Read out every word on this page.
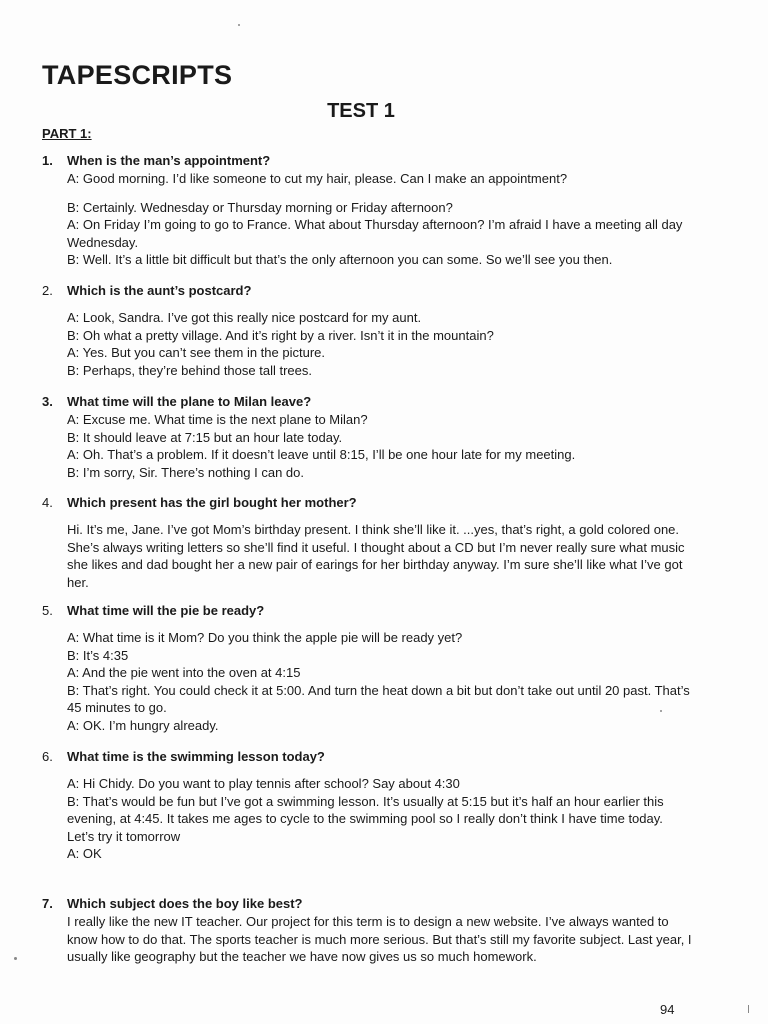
TAPESCRIPTS
TEST 1
PART 1:
1.	When is the man’s appointment?

A: Good morning. I’d like someone to cut my hair, please. Can I make an appointment?

B: Certainly. Wednesday or Thursday morning or Friday afternoon?

A: On Friday I’m going to go to France. What about Thursday afternoon? I’m afraid I have a meeting all day Wednesday.

B: Well. It’s a little bit difficult but that’s the only afternoon you can some. So we’ll see you then.

2.	Which is the aunt’s postcard?

A: Look, Sandra. I’ve got this really nice postcard for my aunt.

B: Oh what a pretty village. And it’s right by a river. Isn’t it in the mountain?

A: Yes. But you can’t see them in the picture.

B: Perhaps, they’re behind those tall trees.

3.	What time will the plane to Milan leave?

A: Excuse me. What time is the next plane to Milan?

B: It should leave at 7:15 but an hour late today.

A: Oh. That’s a problem. If it doesn’t leave until 8:15, I’ll be one hour late for my meeting.

B: I’m sorry, Sir. There’s nothing I can do.

4.	Which present has the girl bought her mother?

Hi. It’s me, Jane. I’ve got Mom’s birthday present. I think she’ll like it. ...yes, that’s right, a gold colored one. She’s always writing letters so she’ll find it useful. I thought about a CD but I’m never really sure what music she likes and dad bought her a new pair of earings for her birthday anyway. I’m sure she’ll like what I’ve got her.

5.	What time will the pie be ready?

A: What time is it Mom? Do you think the apple pie will be ready yet?

B: It’s 4:35

A: And the pie went into the oven at 4:15

B: That’s right. You could check it at 5:00. And turn the heat down a bit but don’t take out until 20 past. That’s 45 minutes to go.

A: OK. I’m hungry already.

6.	What time is the swimming lesson today?

A: Hi Chidy. Do you want to play tennis after school? Say about 4:30

B: That’s would be fun but I’ve got a swimming lesson. It’s usually at 5:15 but it’s half an hour earlier this evening, at 4:45. It takes me ages to cycle to the swimming pool so I really don’t think I have time today. Let’s try it tomorrow

A: OK

7.	Which subject does the boy like best?

I really like the new IT teacher. Our project for this term is to design a new website. I’ve always wanted to know how to do that. The sports teacher is much more serious. But that’s still my favorite subject. Last year, I usually like geography but the teacher we have now gives us so much homework.

94
